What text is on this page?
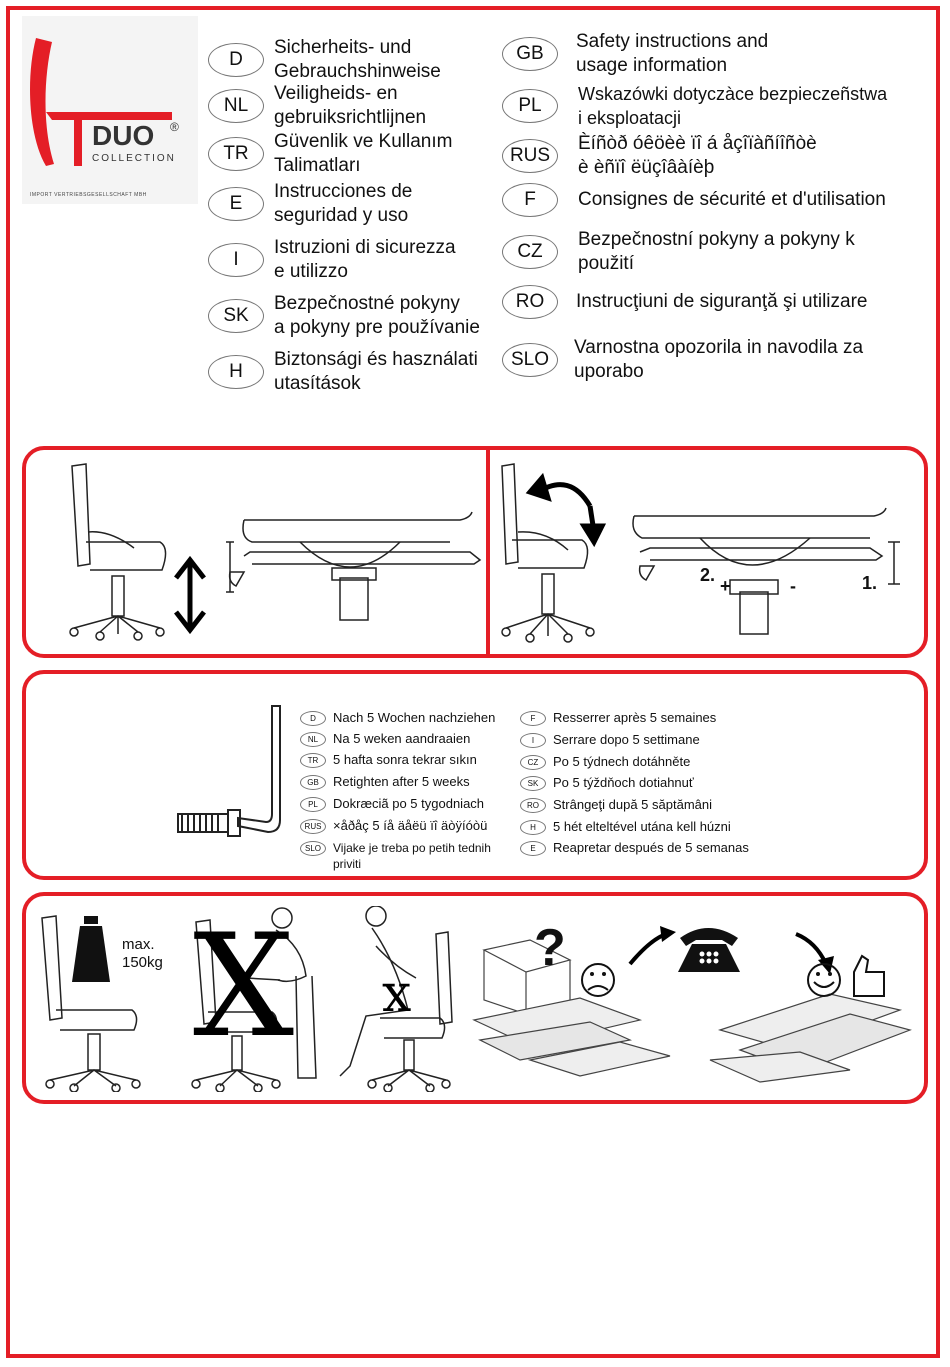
DUO ®
COLLECTION
IMPORT VERTRIEBSGESELLSCHAFT MBH
D
Sicherheits- und
Gebrauchshinweise
NL
Veiligheids- en
gebruiksrichtlijnen
TR
Güvenlik ve Kullanım
Talimatları
E
Instrucciones de
seguridad y uso
I
Istruzioni di sicurezza
e utilizzo
SK
Bezpečnostné pokyny
a pokyny pre používanie
H
Biztonsági és használati
utasítások
GB
Safety instructions and
usage information
PL
Wskazówki dotyczàce bezpieczeñstwa
i eksploatacji
RUS
Èíñòð óêöèè ïî á åçîïàñíîñòè
è èñïî ëüçîâàíèþ
F	Consignes de sécurité et d'utilisation
CZ
Bezpečnostní pokyny a pokyny k
použití
RO	Instrucţiuni de siguranţă şi utilizare
SLO
Varnostna opozorila in navodila za
uporabo
2.
+	-	1.
D	Nach 5 Wochen nachziehen
NL	Na 5 weken aandraaien
TR	5 hafta sonra tekrar sıkın
GB	Retighten after 5 weeks
PL	Dokræciã po 5 tygodniach
RUS ×åðåç 5 íå äåëü ïî äòÿíóòü
SLO	Vijake je treba po petih tednih
priviti
F	Resserrer après 5 semaines
I	Serrare dopo 5 settimane
CZ	Po 5 týdnech dotáhněte
SK	Po 5 týždňoch dotiahnuť
RO	Strângeţi după 5 săptămâni
H	5 hét elteltével utána kell húzni
E	Reapretar después de 5 semanas
max.
150kg X x
?
